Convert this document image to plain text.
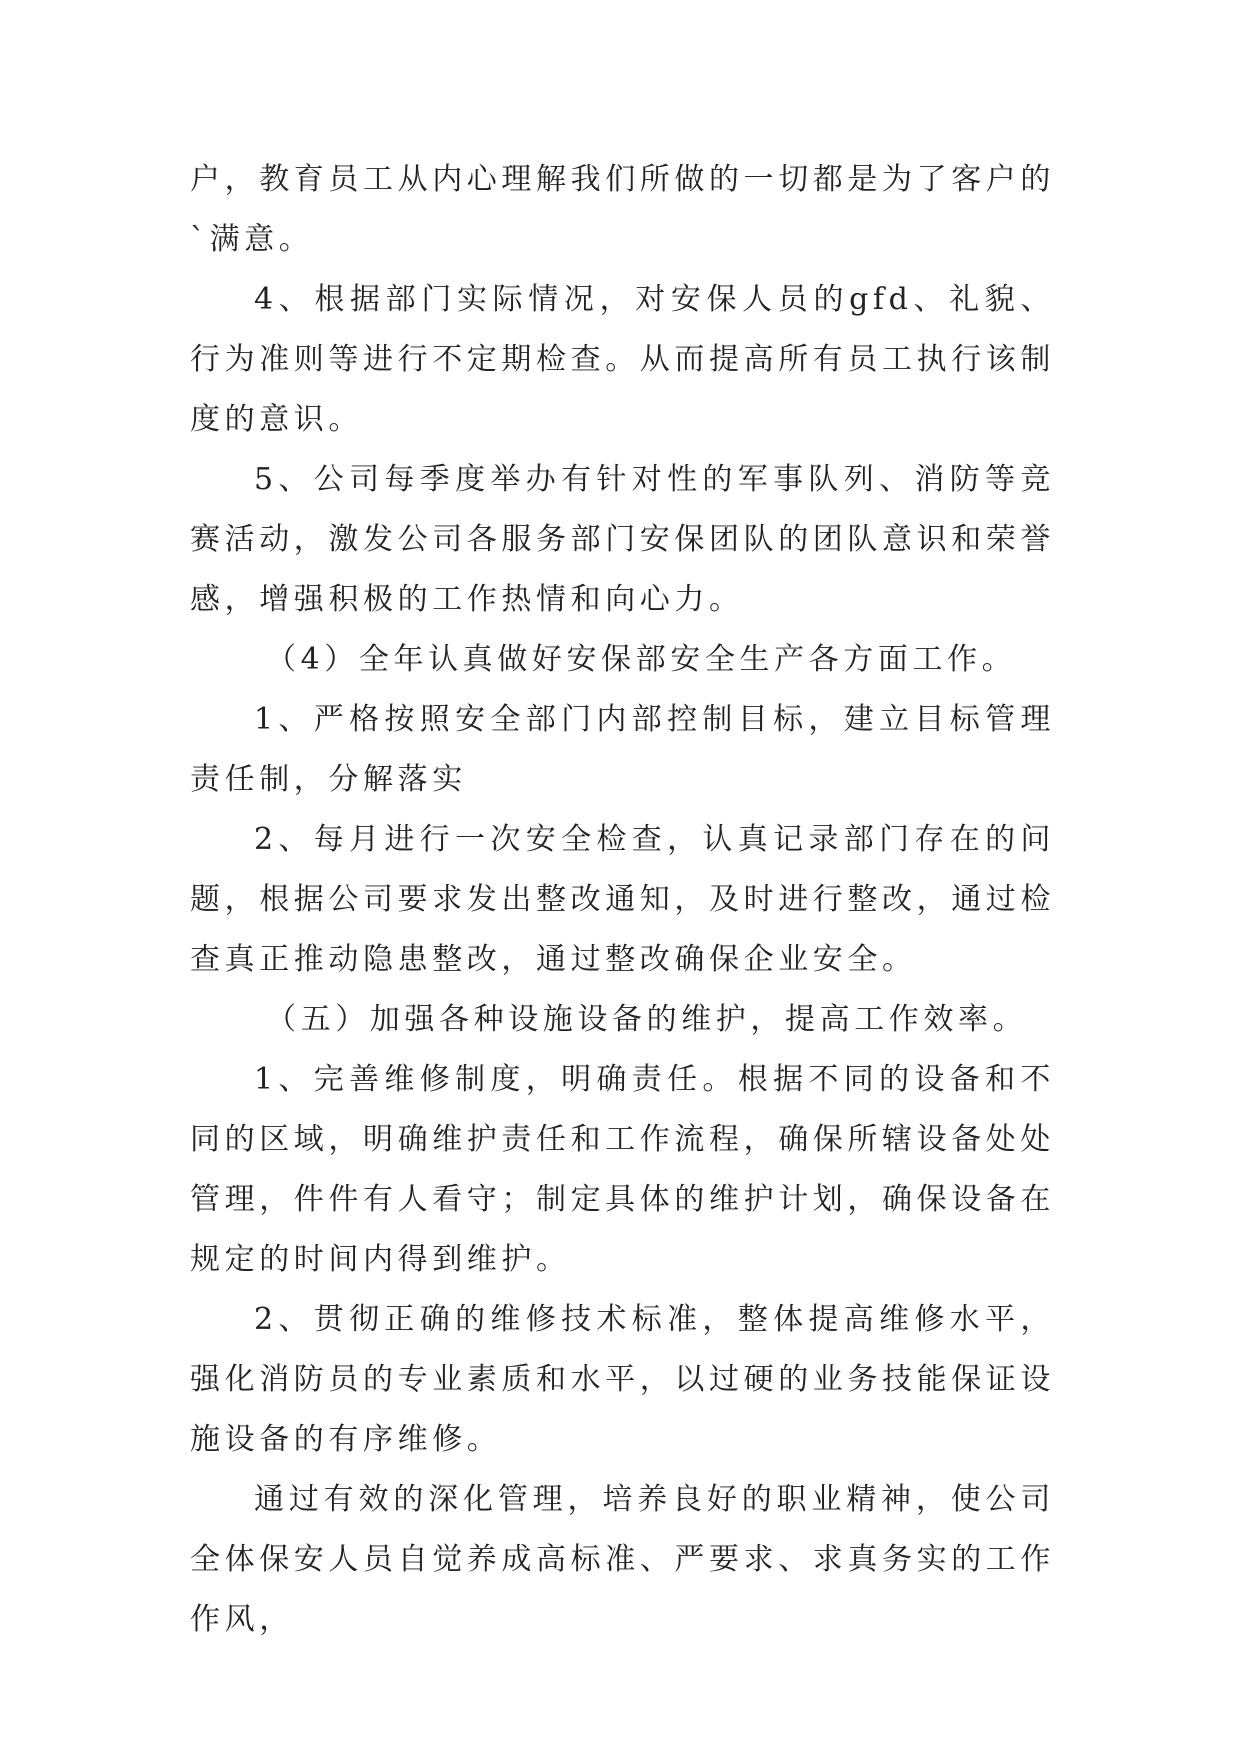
户，教育员工从内心理解我们所做的一切都是为了客户的`满意。

4、根据部门实际情况，对安保人员的gfd、礼貌、行为准则等进行不定期检查。从而提高所有员工执行该制度的意识。

5、公司每季度举办有针对性的军事队列、消防等竞赛活动，激发公司各服务部门安保团队的团队意识和荣誉感，增强积极的工作热情和向心力。

（4）全年认真做好安保部安全生产各方面工作。

1、严格按照安全部门内部控制目标，建立目标管理责任制，分解落实

2、每月进行一次安全检查，认真记录部门存在的问题，根据公司要求发出整改通知，及时进行整改，通过检查真正推动隐患整改，通过整改确保企业安全。

（五）加强各种设施设备的维护，提高工作效率。

1、完善维修制度，明确责任。根据不同的设备和不同的区域，明确维护责任和工作流程，确保所辖设备处处管理，件件有人看守；制定具体的维护计划，确保设备在规定的时间内得到维护。

2、贯彻正确的维修技术标准，整体提高维修水平，强化消防员的专业素质和水平，以过硬的业务技能保证设施设备的有序维修。

通过有效的深化管理，培养良好的职业精神，使公司全体保安人员自觉养成高标准、严要求、求真务实的工作作风，
